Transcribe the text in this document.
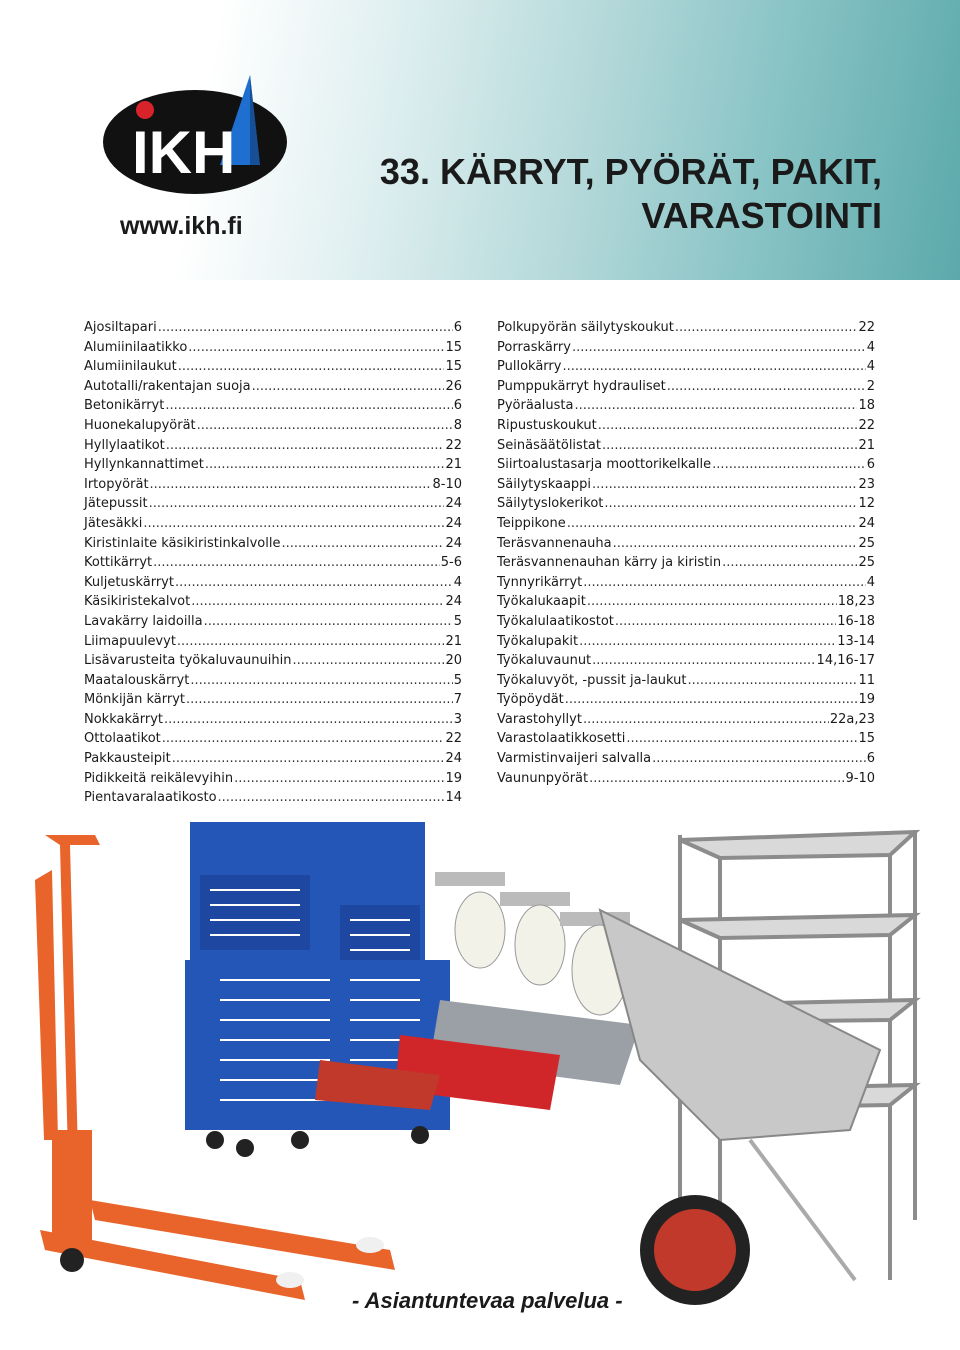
IKH
www.ikh.fi
33. KÄRRYT, PYÖRÄT, PAKIT,
VARASTOINTI
Ajosiltapari .....	6
Alumiinilaatikko .....	15
Alumiinilaukut .....	15
Autotalli/rakentajan suoja .....	26
Betonikärryt .....	6
Huonekalupyörät .....	8
Hyllylaatikot .....	22
Hyllynkannattimet .....	21
Irtopyörät .....	8-10
Jätepussit .....	24
Jätesäkki .....	24
Kiristinlaite käsikiristinkalvolle .....	24
Kottikärryt .....	5-6
Kuljetuskärryt .....	4
Käsikiristekalvot .....	24
Lavakärry laidoilla .....	5
Liimapuulevyt .....	21
Lisävarusteita työkaluvaunuihin .....	20
Maatalouskärryt .....	5
Mönkijän kärryt .....	7
Nokkakärryt .....	3
Ottolaatikot .....	22
Pakkausteipit .....	24
Pidikkeitä reikälevyihin .....	19
Pientavaralaatikosto .....	14
Polkupyörän säilytyskoukut .....	22
Porraskärry .....	4
Pullokärry .....	4
Pumppukärryt hydrauliset .....	2
Pyöräalusta .....	18
Ripustuskoukut .....	22
Seinäsäätölistat .....	21
Siirtoalustasarja moottorikelkalle .....	6
Säilytyskaappi .....	23
Säilytyslokerikot .....	12
Teippikone .....	24
Teräsvannenauha .....	25
Teräsvannenauhan kärry ja kiristin .....	25
Tynnyrikärryt .....	4
Työkalukaapit .....	18,23
Työkalulaatikostot .....	16-18
Työkalupakit .....	13-14
Työkaluvaunut .....	14,16-17
Työkaluvyöt, -pussit ja-laukut .....	11
Työpöydät .....	19
Varastohyllyt .....	22a,23
Varastolaatikkosetti .....	15
Varmistinvaijeri salvalla .....	6
Vaununpyörät .....	9-10
- Asiantuntevaa palvelua -
